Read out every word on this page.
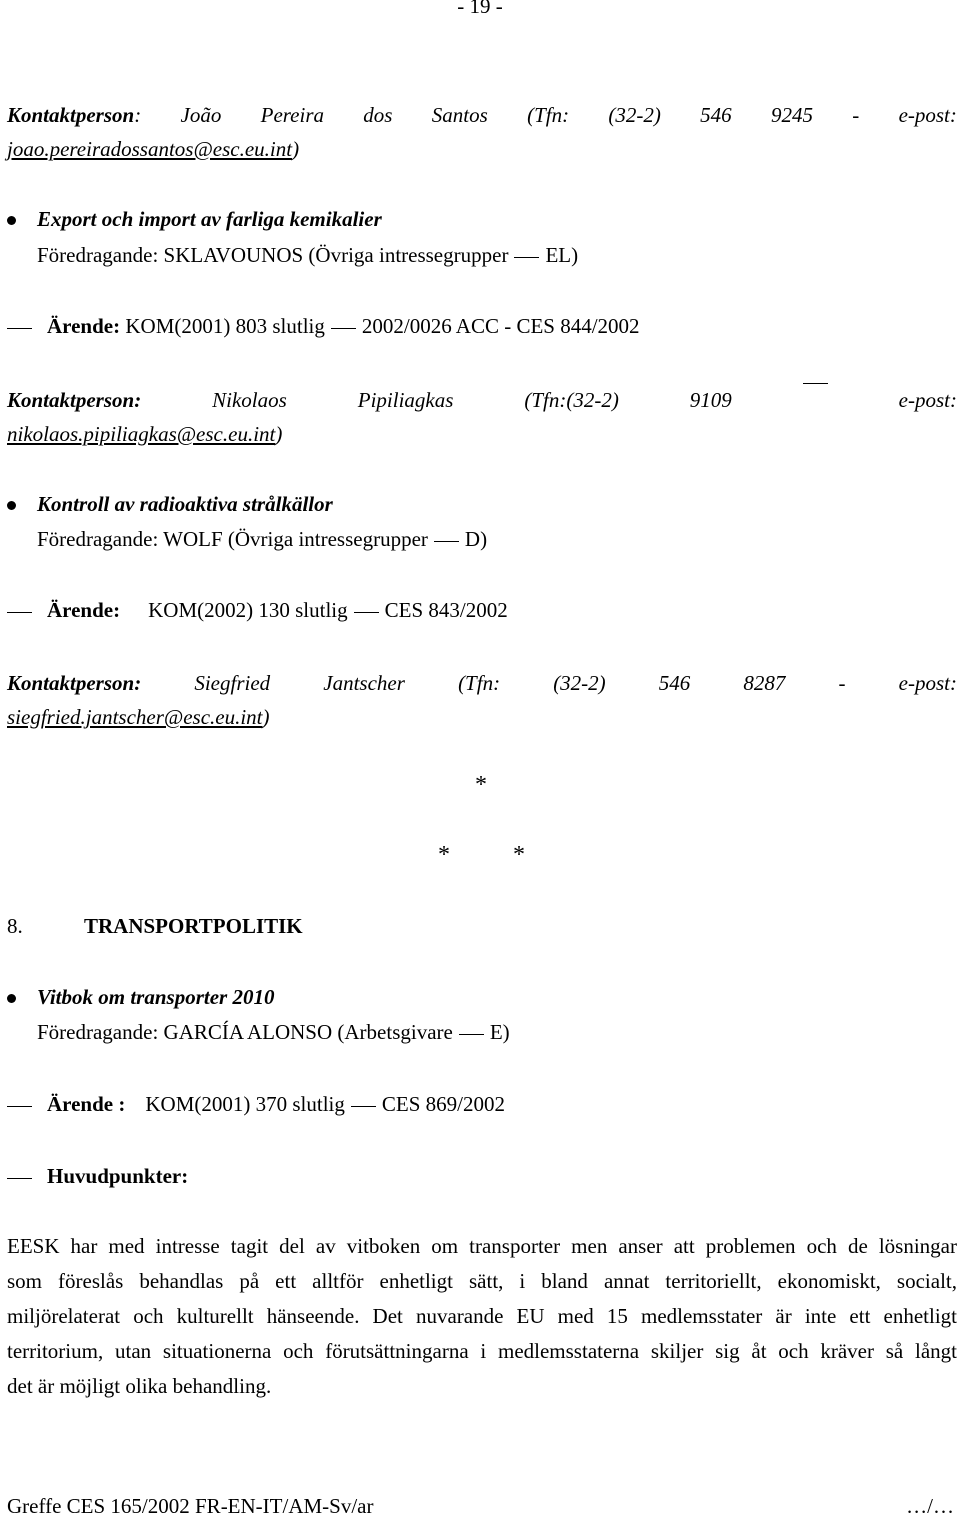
- 19 -
Kontaktperson: João Pereira dos Santos (Tfn: (32-2) 546 9245 - e-post:
joao.pereiradossantos@esc.eu.int)
Export och import av farliga kemikalier
Föredragande: SKLAVOUNOS (Övriga intressegrupper EL)
Ärende: KOM(2001) 803 slutlig 2002/0026 ACC - CES 844/2002
Kontaktperson:	Nikolaos	Pipiliagkas	(Tfn:(32-2)	9109	e-post:
nikolaos.pipiliagkas@esc.eu.int)
Kontroll av radioaktiva strålkällor
Föredragande: WOLF (Övriga intressegrupper D)
Ärende: KOM(2002) 130 slutlig CES 843/2002
Kontaktperson:	Siegfried	Jantscher	(Tfn:	(32-2)	546	8287	-	e-post:
siegfried.jantscher@esc.eu.int)
*
*	*
8.	TRANSPORTPOLITIK
Vitbok om transporter 2010
Föredragande: GARCÍA ALONSO (Arbetsgivare E)
Ärende : KOM(2001) 370 slutlig CES 869/2002
Huvudpunkter:
EESK har med intresse tagit del av vitboken om transporter men anser att problemen och de lösningar
som föreslås behandlas på ett alltför enhetligt sätt, i bland annat territoriellt, ekonomiskt, socialt,
miljörelaterat och kulturellt hänseende. Det nuvarande EU med 15 medlemsstater är inte ett enhetligt
territorium, utan situationerna och förutsättningarna i medlemsstaterna skiljer sig åt och kräver så långt
det är möjligt olika behandling.
Greffe CES 165/2002 FR-EN-IT/AM-Sv/ar	…/…
